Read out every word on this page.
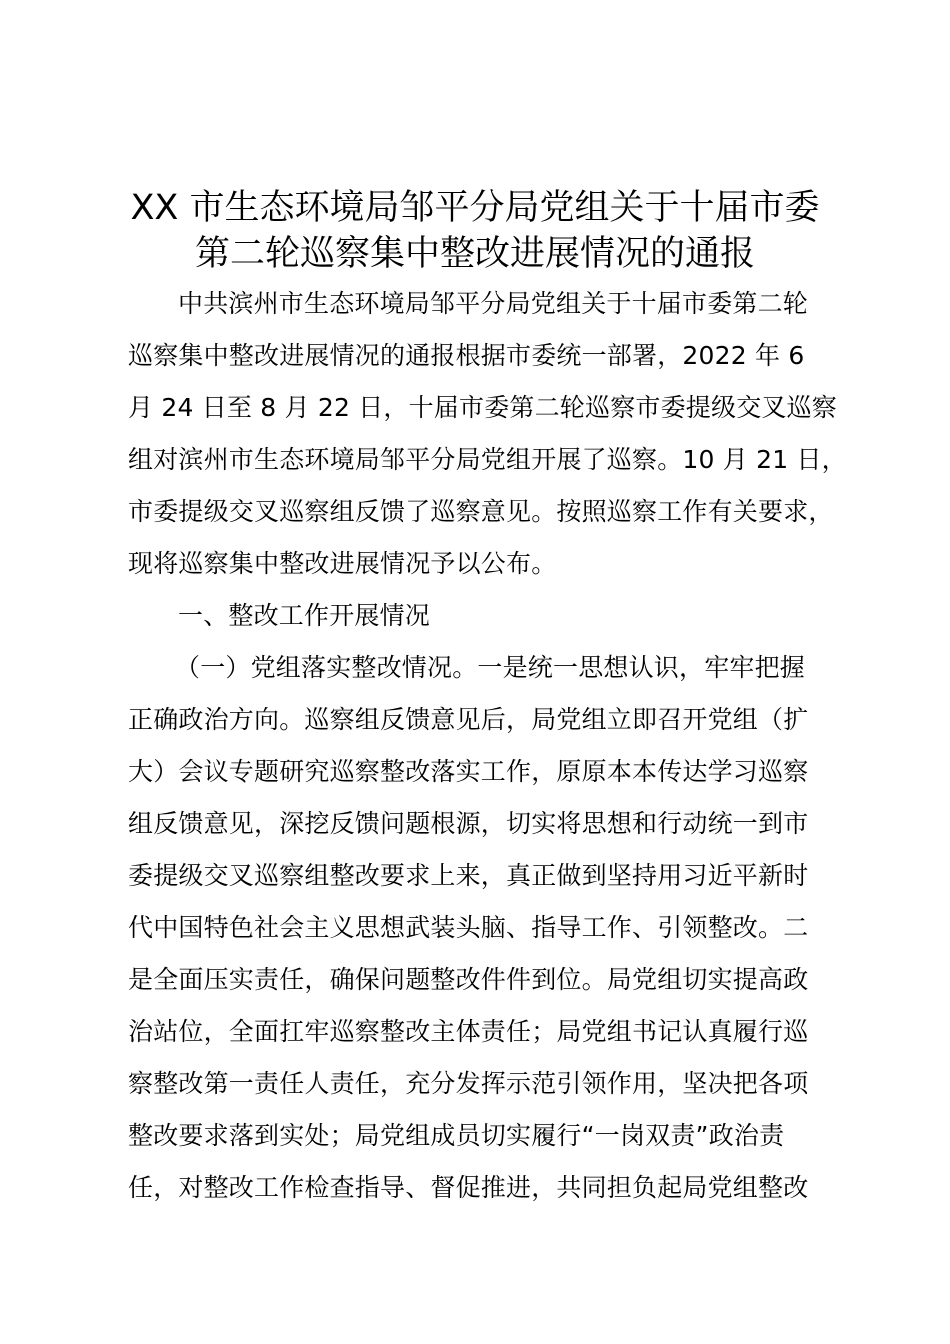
XX 市生态环境局邹平分局党组关于十届市委
第二轮巡察集中整改进展情况的通报
中共滨州市生态环境局邹平分局党组关于十届市委第二轮
巡察集中整改进展情况的通报根据市委统一部署，2022 年 6
月 24 日至 8 月 22 日，十届市委第二轮巡察市委提级交叉巡察
组对滨州市生态环境局邹平分局党组开展了巡察。10 月 21 日，
市委提级交叉巡察组反馈了巡察意见。按照巡察工作有关要求，
现将巡察集中整改进展情况予以公布。
一、整改工作开展情况
（一）党组落实整改情况。一是统一思想认识，牢牢把握
正确政治方向。巡察组反馈意见后，局党组立即召开党组（扩
大）会议专题研究巡察整改落实工作，原原本本传达学习巡察
组反馈意见，深挖反馈问题根源，切实将思想和行动统一到市
委提级交叉巡察组整改要求上来，真正做到坚持用习近平新时
代中国特色社会主义思想武装头脑、指导工作、引领整改。二
是全面压实责任，确保问题整改件件到位。局党组切实提高政
治站位，全面扛牢巡察整改主体责任；局党组书记认真履行巡
察整改第一责任人责任，充分发挥示范引领作用，坚决把各项
整改要求落到实处；局党组成员切实履行“一岗双责”政治责
任，对整改工作检查指导、督促推进，共同担负起局党组整改
